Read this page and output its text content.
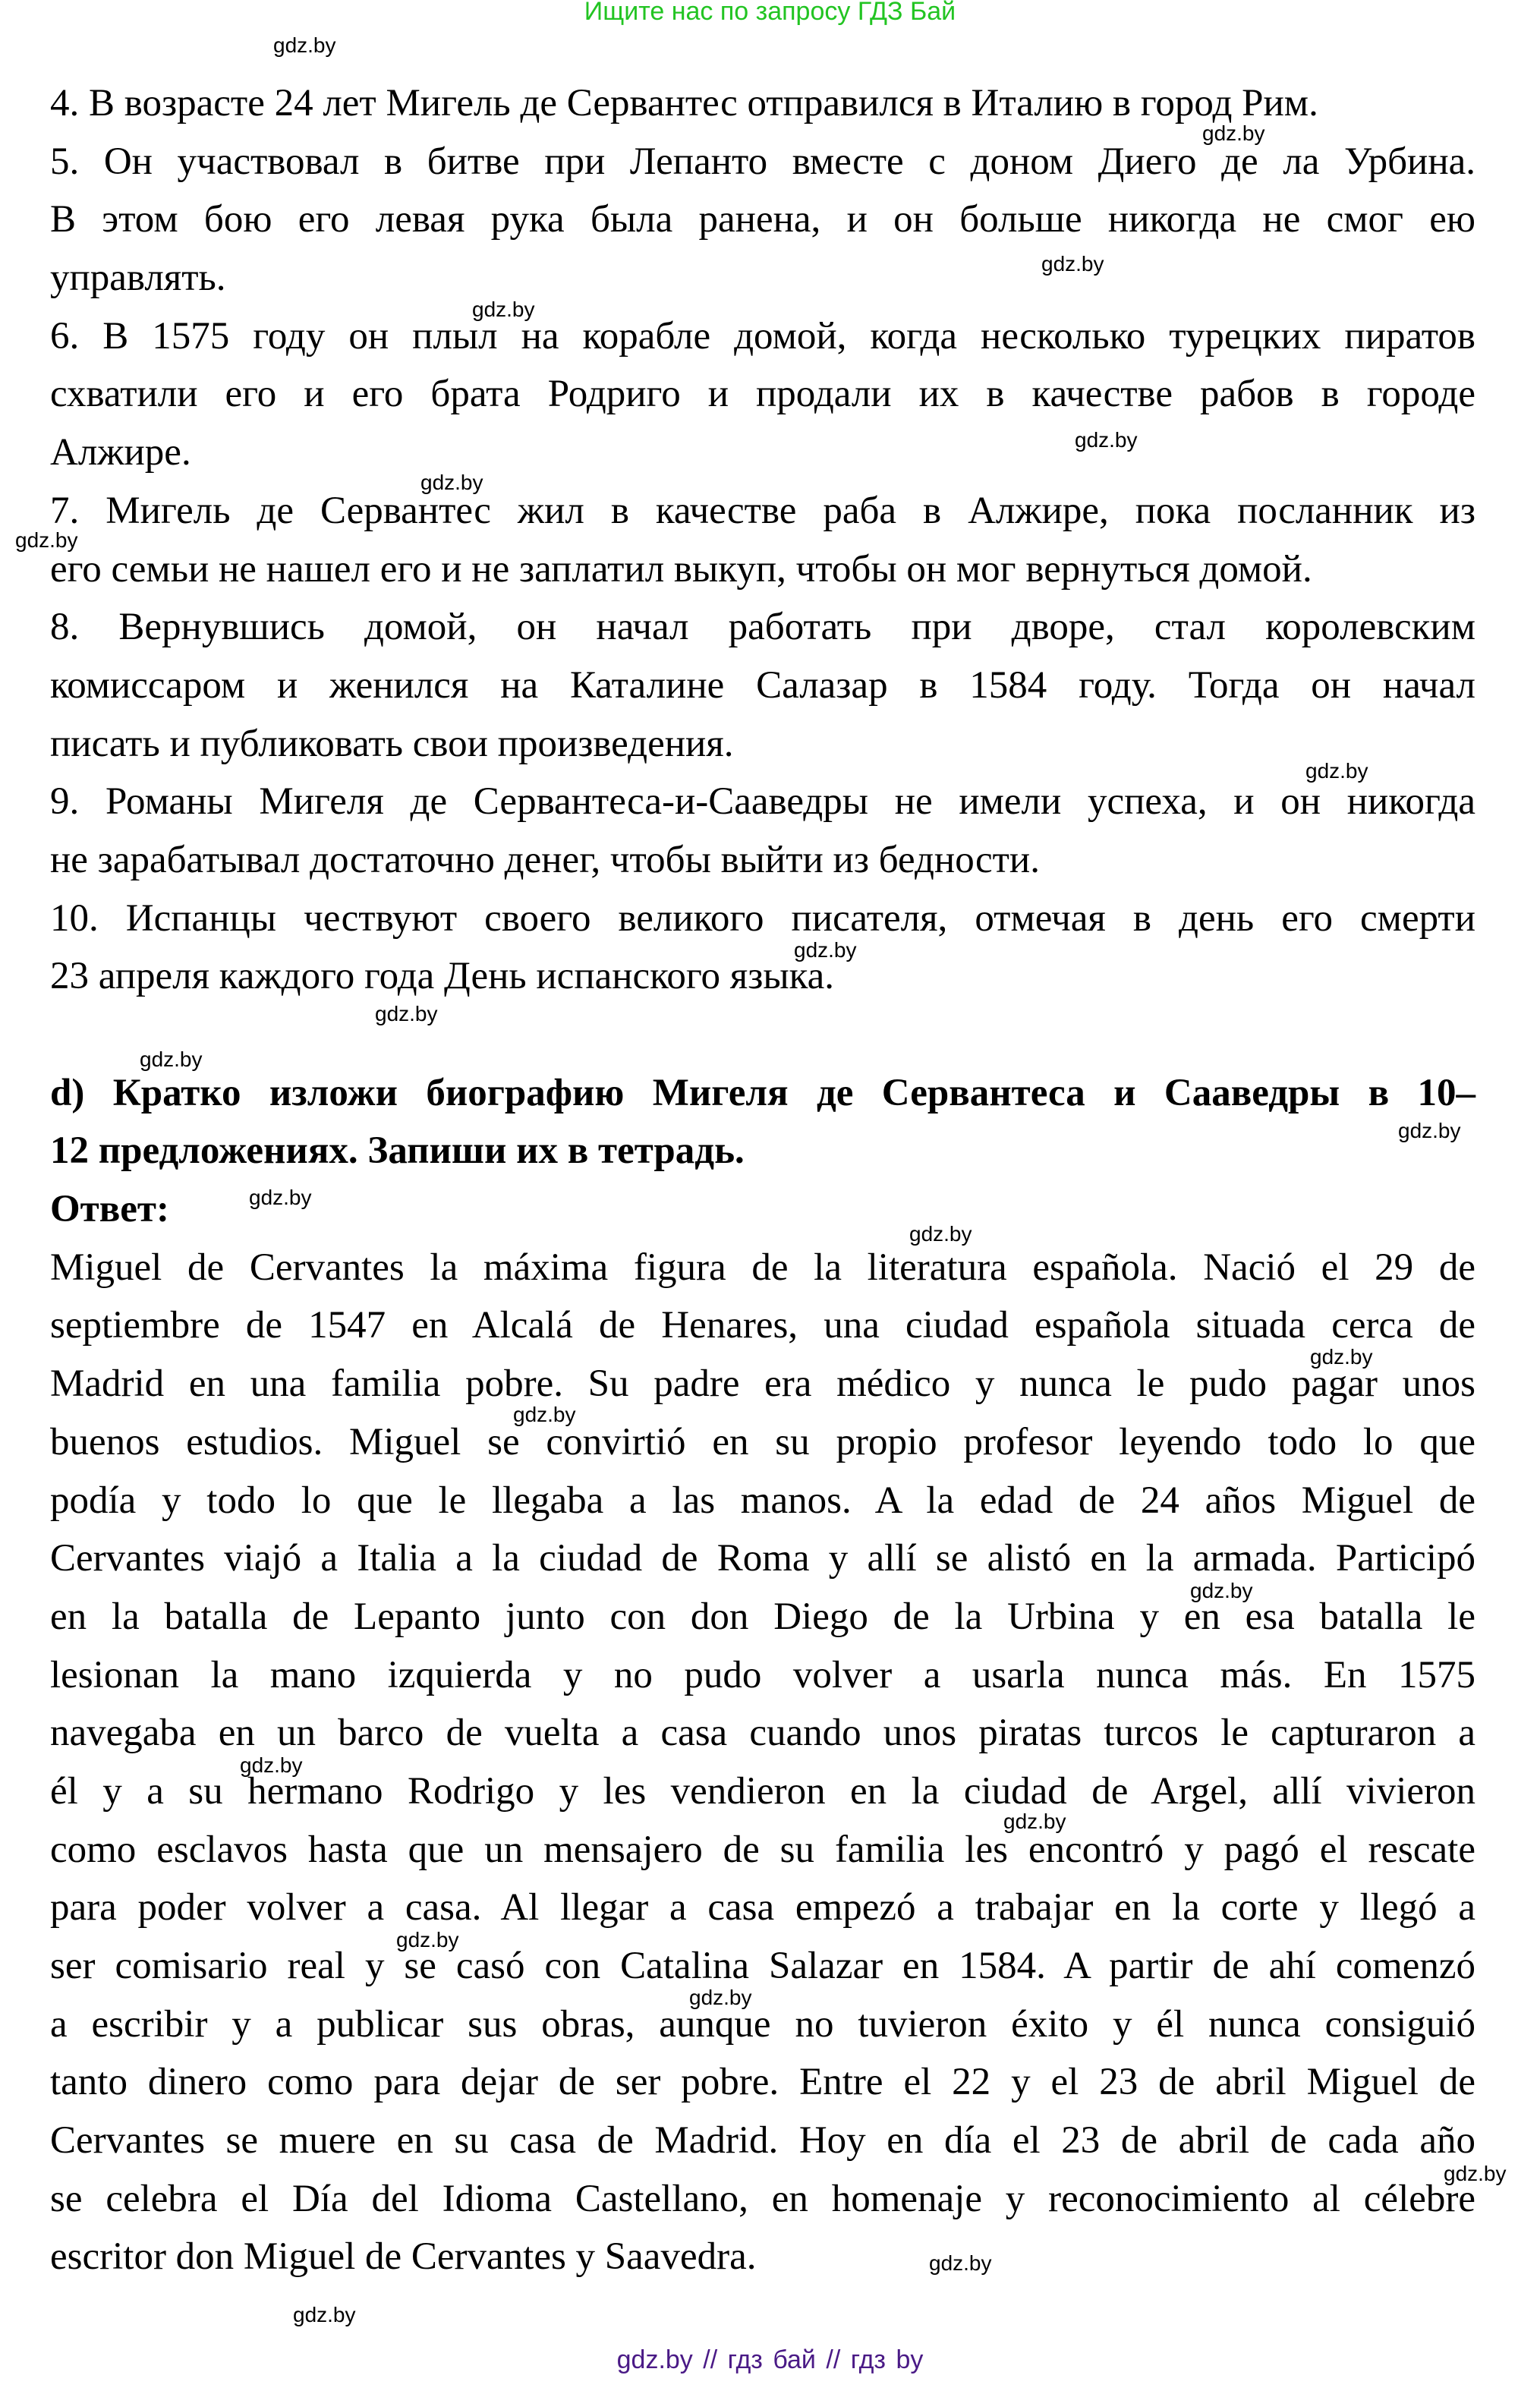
Ищите нас по запросу ГДЗ Бай
4. В возрасте 24 лет Мигель де Сервантес отправился в Италию в город Рим.
5. Он участвовал в битве при Лепанто вместе с доном Диего де ла Урбина.
В этом бою его левая рука была ранена, и он больше никогда не смог ею
управлять.
6. В 1575 году он плыл на корабле домой, когда несколько турецких пиратов
схватили его и его брата Родриго и продали их в качестве рабов в городе
Алжире.
7. Мигель де Сервантес жил в качестве раба в Алжире, пока посланник из
его семьи не нашел его и не заплатил выкуп, чтобы он мог вернуться домой.
8. Вернувшись домой, он начал работать при дворе, стал королевским
комиссаром и женился на Каталине Салазар в 1584 году. Тогда он начал
писать и публиковать свои произведения.
9. Романы Мигеля де Сервантеса-и-Сааведры не имели успеха, и он никогда
не зарабатывал достаточно денег, чтобы выйти из бедности.
10. Испанцы чествуют своего великого писателя, отмечая в день его смерти
23 апреля каждого года День испанского языка.
d) Кратко изложи биографию Мигеля де Сервантеса и Сааведры в 10–
12 предложениях. Запиши их в тетрадь.
Ответ:
Miguel de Cervantes la máxima figura de la literatura española. Nació el 29 de
septiembre de 1547 en Alcalá de Henares, una ciudad española situada cerca de
Madrid en una familia pobre. Su padre era médico y nunca le pudo pagar unos
buenos estudios. Miguel se convirtió en su propio profesor leyendo todo lo que
podía y todo lo que le llegaba a las manos. A la edad de 24 años Miguel de
Cervantes viajó a Italia a la ciudad de Roma y allí se alistó en la armada. Participó
en la batalla de Lepanto junto con don Diego de la Urbina y en esa batalla le
lesionan la mano izquierda y no pudo volver a usarla nunca más. En 1575
navegaba en un barco de vuelta a casa cuando unos piratas turcos le capturaron a
él y a su hermano Rodrigo y les vendieron en la ciudad de Argel, allí vivieron
como esclavos hasta que un mensajero de su familia les encontró y pagó el rescate
para poder volver a casa. Al llegar a casa empezó a trabajar en la corte y llegó a
ser comisario real y se casó con Catalina Salazar en 1584. A partir de ahí comenzó
a escribir y a publicar sus obras, aunque no tuvieron éxito y él nunca consiguió
tanto dinero como para dejar de ser pobre. Entre el 22 y el 23 de abril Miguel de
Cervantes se muere en su casa de Madrid. Hoy en día el 23 de abril de cada año
se celebra el Día del Idioma Castellano, en homenaje y reconocimiento al célebre
escritor don Miguel de Cervantes y Saavedra.
gdz.by
gdz.by
gdz.by
gdz.by
gdz.by
gdz.by
gdz.by
gdz.by
gdz.by
gdz.by
gdz.by
gdz.by
gdz.by
gdz.by
gdz.by
gdz.by
gdz.by
gdz.by
gdz.by
gdz.by
gdz.by
gdz.by
gdz.by
gdz.by
gdz.by // гдз бай // гдз by
